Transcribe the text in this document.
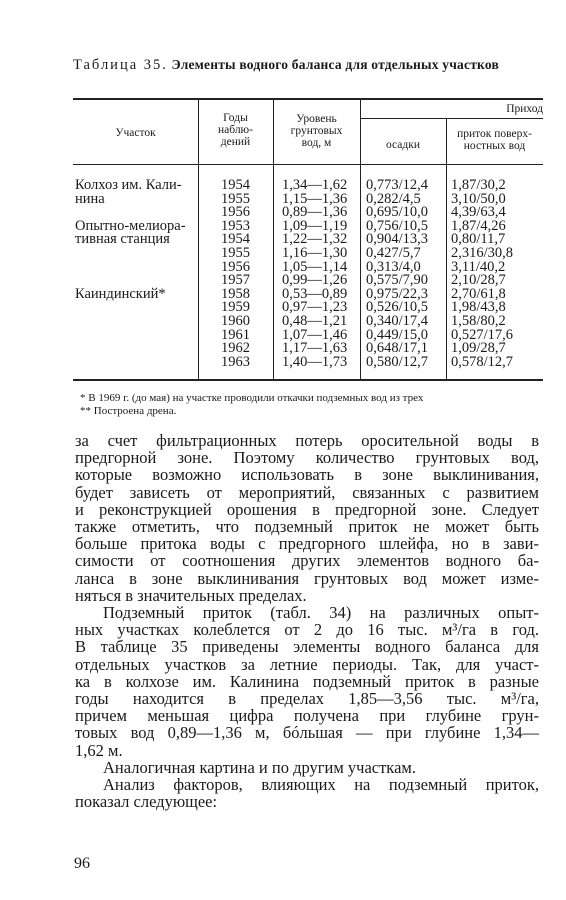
Таблица 35. Элементы водного баланса для отдельных участков
Участок
Годы
наблю-
дений
Уровень
грунтовых
вод, м
Приход
осадки
приток поверх-
ностных вод
Колхоз им. Кали-
нина
Опытно-мелиора-
тивная станция
Каиндинский*
1954
1955
1956
1953
1954
1955
1956
1957
1958
1959
1960
1961
1962
1963
1,34—1,62
1,15—1,36
0,89—1,36
1,09—1,19
1,22—1,32
1,16—1,30
1,05—1,14
0,99—1,26
0,53—0,89
0,97—1,23
0,48—1,21
1,07—1,46
1,17—1,63
1,40—1,73
0,773/12,4
0,282/4,5
0,695/10,0
0,756/10,5
0,904/13,3
0,427/5,7
0,313/4,0
0,575/7,90
0,975/22,3
0,526/10,5
0,340/17,4
0,449/15,0
0,648/17,1
0,580/12,7
1,87/30,2
3,10/50,0
4,39/63,4
1,87/4,26
0,80/11,7
2,316/30,8
3,11/40,2
2,10/28,7
2,70/61,8
1,98/43,8
1,58/80,2
0,527/17,6
1,09/28,7
0,578/12,7

* В 1969 г. (до мая) на участке проводили откачки подземных вод из трех

** Построена дрена.

за счет фильтрационных потерь оросительной воды в
предгорной зоне. Поэтому количество грунтовых вод,
которые возможно использовать в зоне выклинивания,
будет зависеть от мероприятий, связанных с развитием
и реконструкцией орошения в предгорной зоне. Следует
также отметить, что подземный приток не может быть
больше притока воды с предгорного шлейфа, но в зави-
симости от соотношения других элементов водного ба-
ланса в зоне выклинивания грунтовых вод может изме-
няться в значительных пределах.
Подземный приток (табл. 34) на различных опыт-
ных участках колеблется от 2 до 16 тыс. м³/га в год.
В таблице 35 приведены элементы водного баланса для
отдельных участков за летние периоды. Так, для участ-
ка в колхозе им. Калинина подземный приток в разные
годы находится в пределах 1,85—3,56 тыс. м³/га,
причем меньшая цифра получена при глубине грун-
товых вод 0,89—1,36 м, бóльшая — при глубине 1,34—
1,62 м.
Аналогичная картина и по другим участкам.
Анализ факторов, влияющих на подземный приток,
показал следующее:
96
